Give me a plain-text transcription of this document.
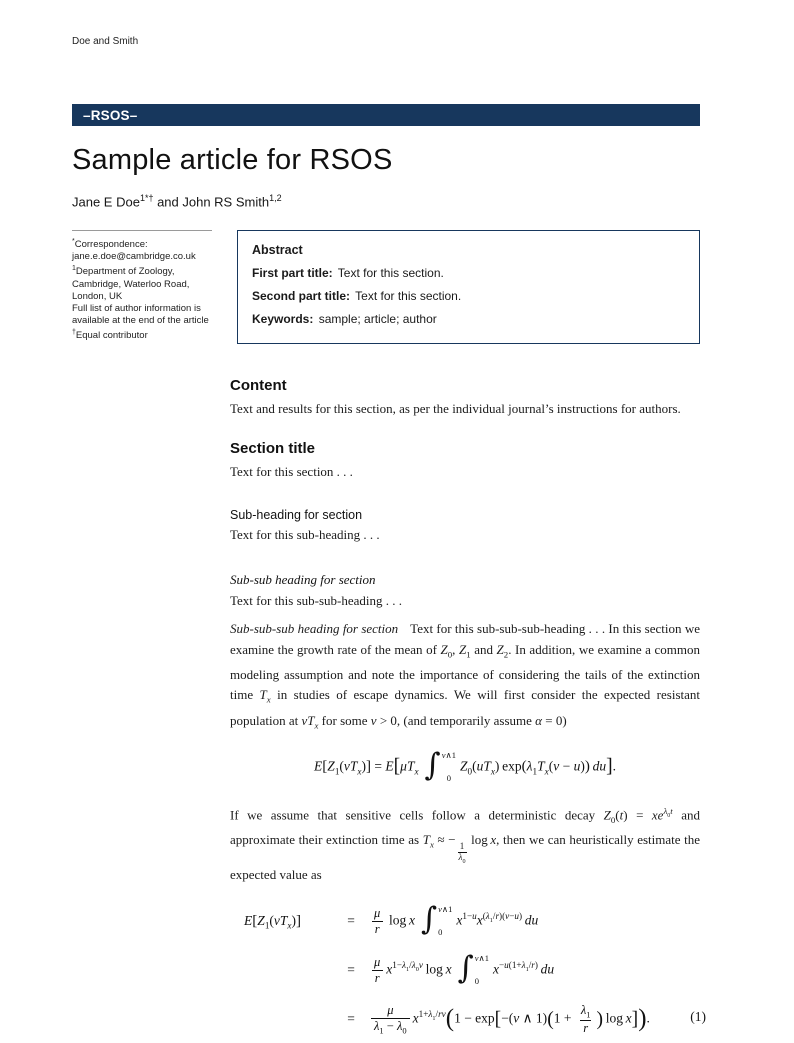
Doe and Smith
–RSOS–
Sample article for RSOS
Jane E Doe$^{1*\dagger}$ and John RS Smith$^{1,2}$
*Correspondence:
jane.e.doe@cambridge.co.uk
$^1$Department of Zoology,
Cambridge, Waterloo Road,
London, UK
Full list of author information is
available at the end of the article
†Equal contributor
Abstract

First part title: Text for this section.

Second part title: Text for this section.

Keywords: sample; article; author

Content

Text and results for this section, as per the individual journal’s instructions for authors.

Section title

Text for this section . . .

Sub-heading for section

Text for this sub-heading . . .

Sub-sub heading for section

Text for this sub-sub-heading . . .

Sub-sub-sub heading for section Text for this sub-sub-sub-heading . . . In this section we examine the growth rate of the mean of $Z_0$, $Z_1$ and $Z_2$. In addition, we examine a common modeling assumption and note the importance of considering the tails of the extinction time $T_x$ in studies of escape dynamics. We will first consider the expected resistant population at $vT_x$ for some v > 0, (and temporarily assume α = 0)

$E[Z_1(vT_x)] = E[\mu T_x$ ∫ v∧1
0
$Z_0(uT_x) \exp(\lambda_1T_x(v - u))$  du].

If we assume that sensitive cells follow a deterministic decay $Z_0(t) = xe^{\lambda_0t}$ and approximate their extinction time as $T_x$ ≈ −
$\frac{1}{\lambda_0}$
 log x, then we can heuristically estimate the expected value as

$E[Z_1(vT_x)]$	=	$\frac{\mu}{r}$  log x ∫ v∧1
0
$x^{1-u}x^{(\lambda_1/r)(v-u)}$  du
=	$\frac{\mu}{r} x^{1-\lambda_1/\lambda_0v}$ log x ∫ v∧1
0
$x^{-u(1+\lambda_1/r)}$  du
=	$\frac{\mu}{\lambda_1 - \lambda_0} x^{1+\lambda_1/rv}(1 - \exp[-(v$ ∧ $1)(1 + \frac{\lambda_1}{r}$ ) log x]).	(1)
